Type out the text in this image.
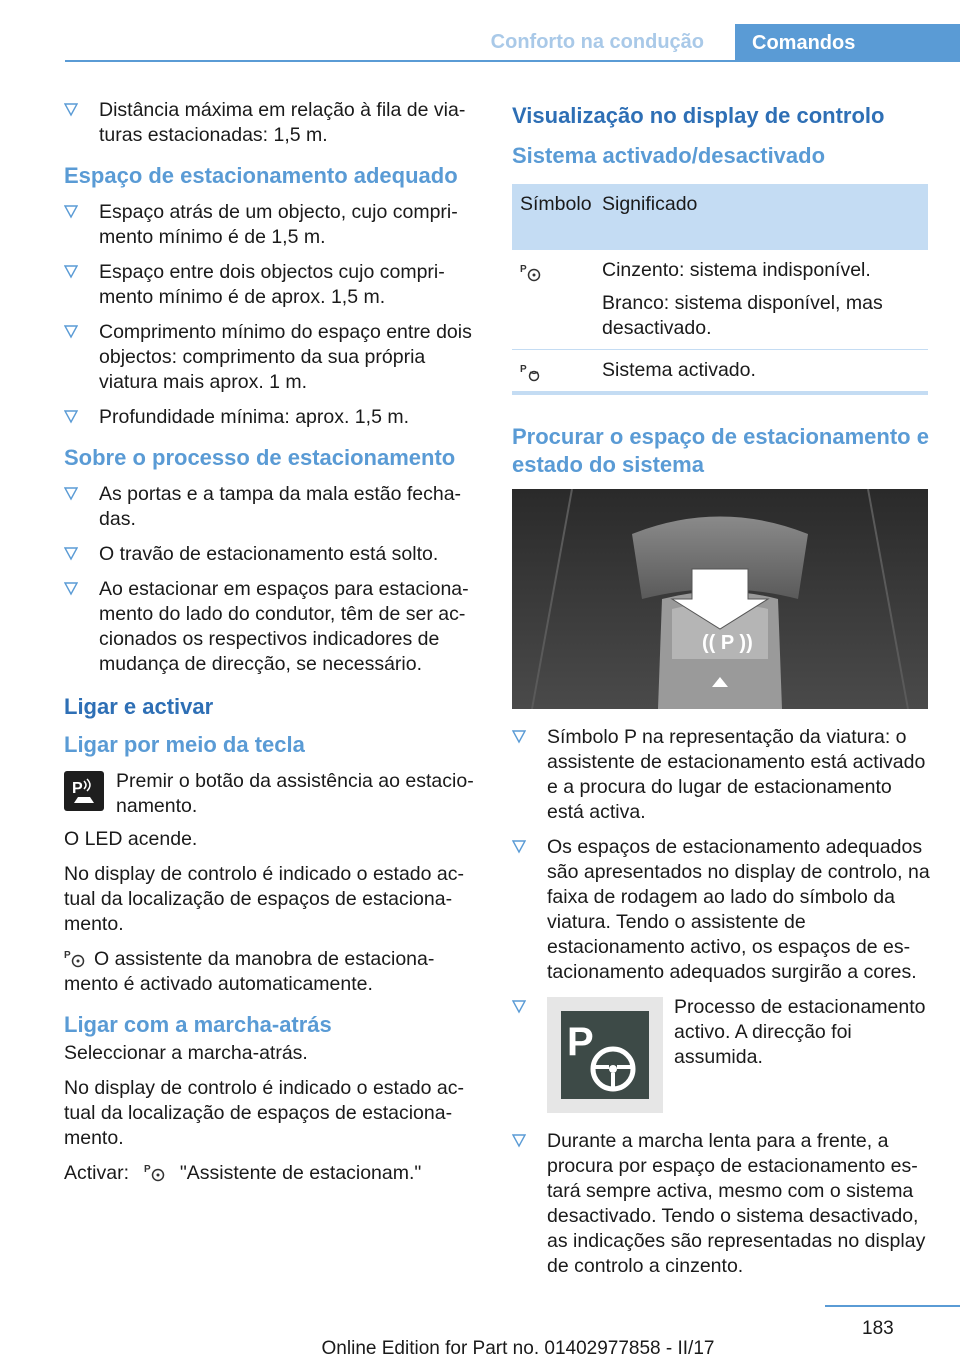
Conforto na condução	Comandos
Distância máxima em relação à fila de viaturas estacionadas: 1,5 m.
Espaço de estacionamento adequado
Espaço atrás de um objecto, cujo comprimento mínimo é de 1,5 m.
Espaço entre dois objectos cujo comprimento mínimo é de aprox. 1,5 m.
Comprimento mínimo do espaço entre dois objectos: comprimento da sua própria viatura mais aprox. 1 m.
Profundidade mínima: aprox. 1,5 m.
Sobre o processo de estacionamento
As portas e a tampa da mala estão fechadas.
O travão de estacionamento está solto.
Ao estacionar em espaços para estacionamento do lado do condutor, têm de ser accionados os respectivos indicadores de mudança de direcção, se necessário.
Ligar e activar
Ligar por meio da tecla
P Premir o botão da assistência ao estacionamento.
O LED acende.
No display de controlo é indicado o estado actual da localização de espaços de estacionamento.
P O assistente da manobra de estacionamento é activado automaticamente.
Ligar com a marcha-atrás
Seleccionar a marcha-atrás.
No display de controlo é indicado o estado actual da localização de espaços de estacionamento.
Activar: P "Assistente de estacionam."
Visualização no display de controlo
Sistema activado/desactivado
Símbolo Significado
P	Cinzento: sistema indisponível.
Branco: sistema disponível, mas desactivado.
P	Sistema activado.
Procurar o espaço de estacionamento e estado do sistema
(( P ))
Símbolo P na representação da viatura: o assistente de estacionamento está activado e a procura do lugar de estacionamento está activa.
Os espaços de estacionamento adequados são apresentados no display de controlo, na faixa de rodagem ao lado do símbolo da viatura. Tendo o assistente de estacionamento activo, os espaços de estacionamento adequados surgirão a cores.
P
Processo de estacionamento activo. A direcção foi assumida.
Durante a marcha lenta para a frente, a procura por espaço de estacionamento estará sempre activa, mesmo com o sistema desactivado. Tendo o sistema desactivado, as indicações são representadas no display de controlo a cinzento.
183
Online Edition for Part no. 01402977858 - II/17
